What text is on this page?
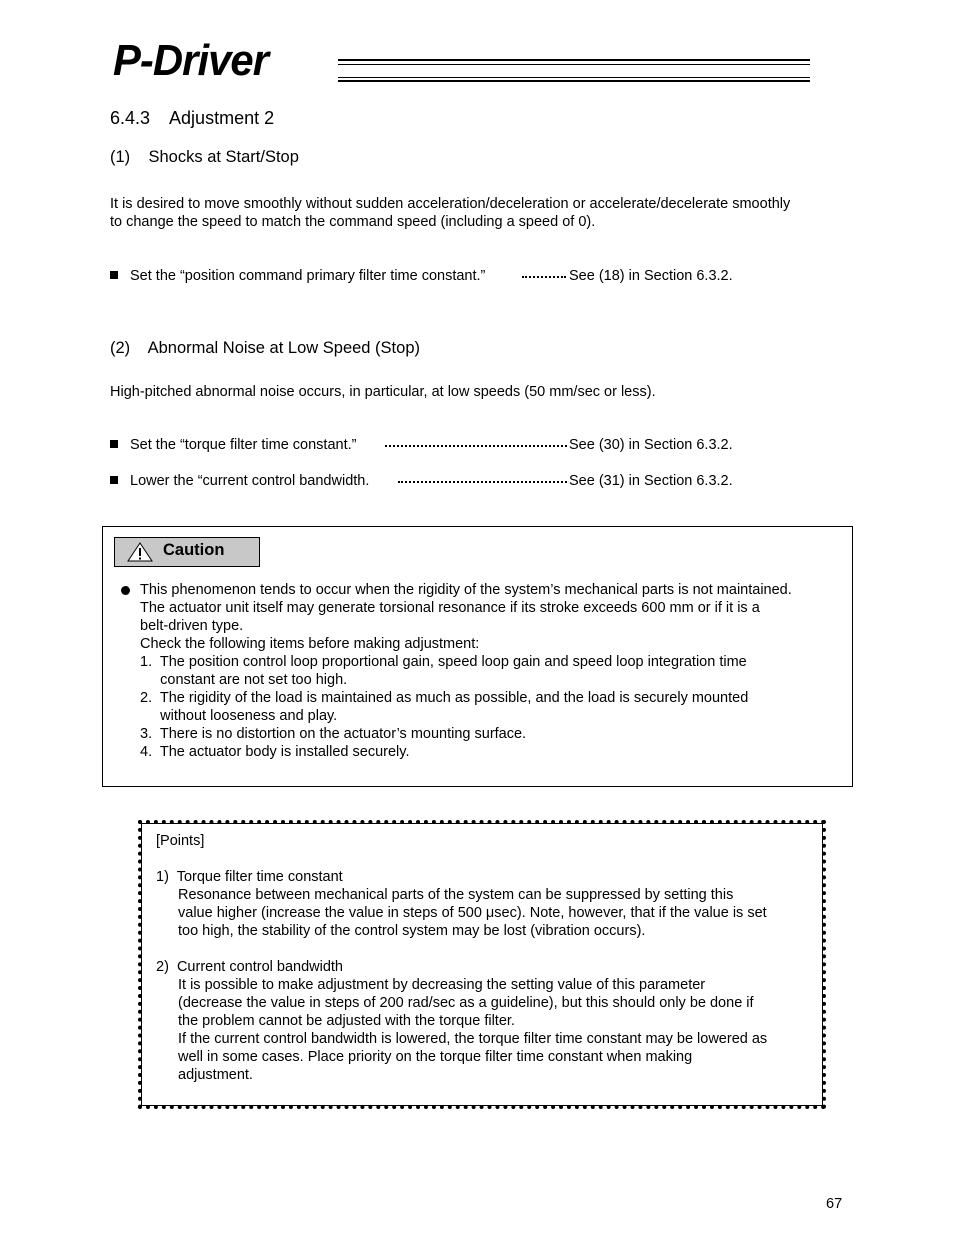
P-Driver
6.4.3    Adjustment 2
(1)    Shocks at Start/Stop
It is desired to move smoothly without sudden acceleration/deceleration or accelerate/decelerate smoothly
to change the speed to match the command speed (including a speed of 0).
Set the “position command primary filter time constant.”	See (18) in Section 6.3.2.
(2)    Abnormal Noise at Low Speed (Stop)
High-pitched abnormal noise occurs, in particular, at low speeds (50 mm/sec or less).
Set the “torque filter time constant.”	See (30) in Section 6.3.2.
Lower the “current control bandwidth.	See (31) in Section 6.3.2.
Caution
This phenomenon tends to occur when the rigidity of the system’s mechanical parts is not maintained.
The actuator unit itself may generate torsional resonance if its stroke exceeds 600 mm or if it is a
belt-driven type.
Check the following items before making adjustment:
1.  The position control loop proportional gain, speed loop gain and speed loop integration time
constant are not set too high.
2.  The rigidity of the load is maintained as much as possible, and the load is securely mounted
without looseness and play.
3.  There is no distortion on the actuator’s mounting surface.
4.  The actuator body is installed securely.
[Points]
1)  Torque filter time constant
Resonance between mechanical parts of the system can be suppressed by setting this
value higher (increase the value in steps of 500 μsec). Note, however, that if the value is set
too high, the stability of the control system may be lost (vibration occurs).
2)  Current control bandwidth
It is possible to make adjustment by decreasing the setting value of this parameter
(decrease the value in steps of 200 rad/sec as a guideline), but this should only be done if
the problem cannot be adjusted with the torque filter.
If the current control bandwidth is lowered, the torque filter time constant may be lowered as
well in some cases. Place priority on the torque filter time constant when making
adjustment.
67
